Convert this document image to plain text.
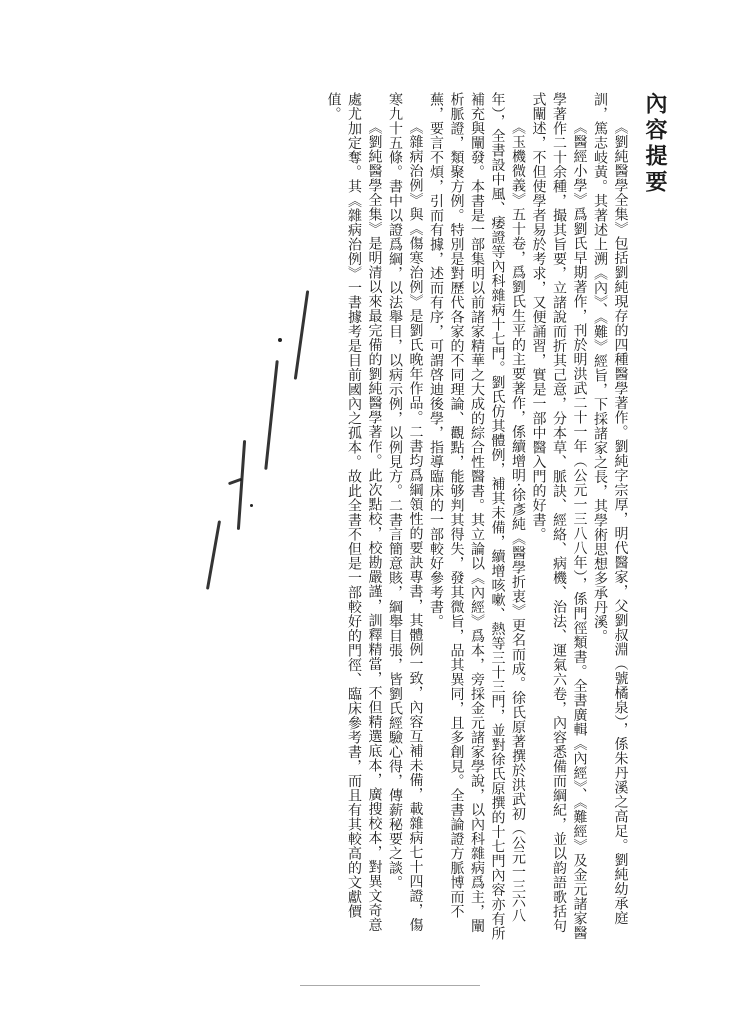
內容提要

《劉純醫學全集》包括劉純現存的四種醫學著作。劉純字宗厚，明代醫家，父劉叔淵（號橘泉），係朱丹溪之高足。劉純幼承庭訓，篤志岐黃。其著述上溯《內》、《難》經旨，下採諸家之長，其學術思想多承丹溪。

《醫經小學》爲劉氏早期著作，刊於明洪武二十一年（公元一三八八年），係門徑類書。全書廣輯《內經》、《難經》及金元諸家醫學著作二十余種，撮其旨要，立諸說而折其己意，分本草、脈訣、經絡、病機、治法、運氣六卷，內容悉備而綱紀，並以韵語歌括句式闡述，不但使學者易於考求，又便誦習，實是一部中醫入門的好書。

《玉機微義》五十卷，爲劉氏生平的主要著作，係續增明·徐彥純《醫學折衷》更名而成。徐氏原著撰於洪武初（公元一三六八年），全書設中風、痿證等內科雜病十七門。劉氏仿其體例，補其未備，續增咳嗽、熱等三十三門，並對徐氏原撰的十七門內容亦有所補充與闡發。本書是一部集明以前諸家精華之大成的綜合性醫書。其立論以《內經》爲本，旁採金元諸家學說，以內科雜病爲主，闡析脈證，類聚方例。特別是對歷代各家的不同理論、觀點，能够判其得失，發其微旨，品其異同，且多創見。全書論證方脈博而不蕪，要言不煩，引而有據，述而有序，可謂啓迪後學，指導臨床的一部較好參考書。

《雜病治例》與《傷寒治例》是劉氏晚年作品。二書均爲綱領性的要訣專書，其體例一致，內容互補未備，載雜病七十四證，傷寒九十五條。書中以證爲綱，以法舉目，以病示例，以例見方。二書言簡意賅，綱舉目張，皆劉氏經驗心得，傳薪秘要之談。

《劉純醫學全集》是明清以來最完備的劉純醫學著作。此次點校，校勘嚴謹，訓釋精當，不但精選底本，廣搜校本，對異文奇意處尤加定奪。其《雜病治例》一書據考是目前國內之孤本。故此全書不但是一部較好的門徑、臨床參考書，而且有其較高的文獻價值。
